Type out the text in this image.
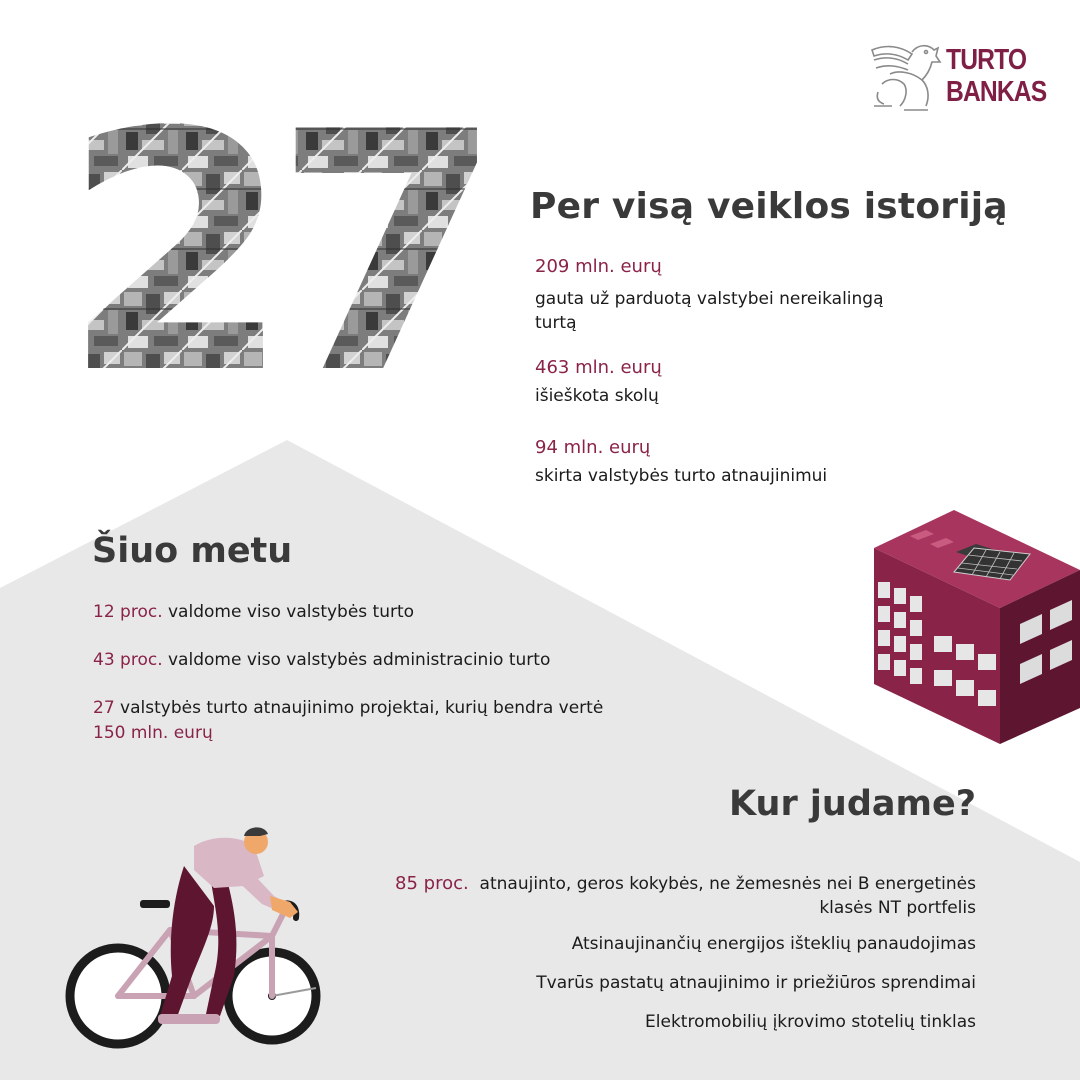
TURTO
BANKAS
Per visą veiklos istoriją
209 mln. eurų
gauta už parduotą valstybei nereikalingą turtą
463 mln. eurų
išieškota skolų
94 mln. eurų
skirta valstybės turto atnaujinimui
Šiuo metu
12 proc. valdome viso valstybės turto
43 proc. valdome viso valstybės administracinio turto
27 valstybės turto atnaujinimo projektai, kurių bendra vertė
150 mln. eurų
Kur judame?
85 proc. atnaujinto, geros kokybės, ne žemesnės nei B energetinės
klasės NT portfelis
Atsinaujinančių energijos išteklių panaudojimas
Tvarūs pastatų atnaujinimo ir priežiūros sprendimai
Elektromobilių įkrovimo stotelių tinklas
